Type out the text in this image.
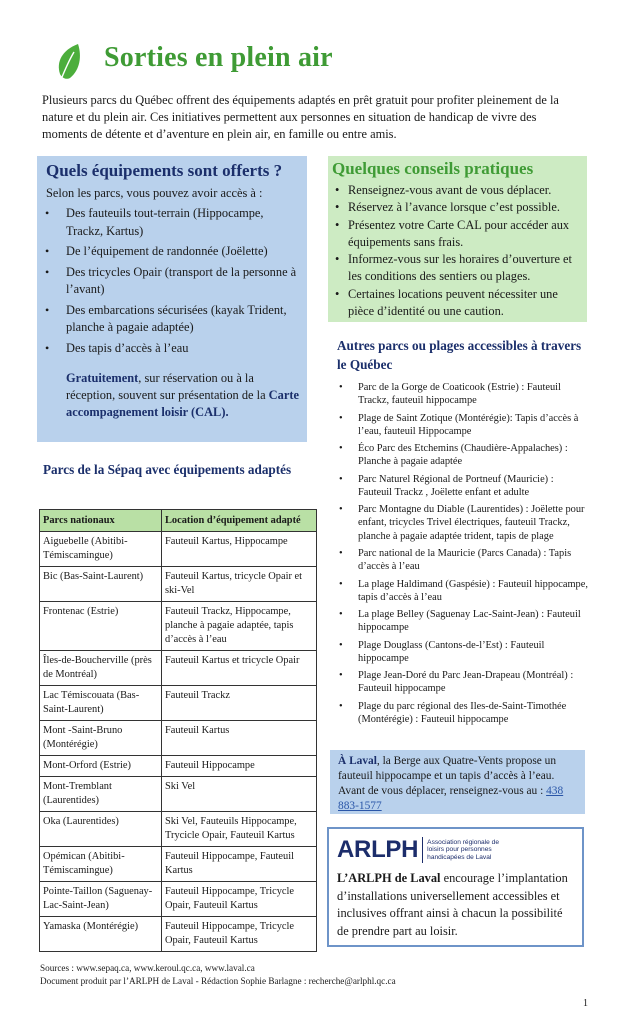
Sorties en plein air

Plusieurs parcs du Québec offrent des équipements adaptés en prêt gratuit pour profiter pleinement de la nature et du plein air. Ces initiatives permettent aux personnes en situation de handicap de vivre des moments de détente et d’aventure en plein air, en famille ou entre amis.

Quels équipements sont offerts ?

Selon les parcs, vous pouvez avoir accès à :

• Des fauteuils tout-terrain (Hippocampe, Trackz, Kartus)
• De l’équipement de randonnée (Joëlette)
• Des tricycles Opair (transport de la personne à l’avant)
• Des embarcations sécurisées (kayak Trident, planche à pagaie adaptée)
• Des tapis d’accès à l’eau

Gratuitement, sur réservation ou à la réception, souvent sur présentation de la Carte accompagnement loisir (CAL).

Quelques conseils pratiques
• Renseignez-vous avant de vous déplacer.
• Réservez à l’avance lorsque c’est possible.
• Présentez votre Carte CAL pour accéder aux équipements sans frais.
• Informez-vous sur les horaires d’ouverture et les conditions des sentiers ou plages.
• Certaines locations peuvent nécessiter une pièce d’identité ou une caution.
Autres parcs ou plages accessibles à travers le Québec
• Parc de la Gorge de Coaticook (Estrie) : Fauteuil Trackz, fauteuil hippocampe
• Plage de Saint Zotique (Montérégie): Tapis d’accès à l’eau, fauteuil Hippocampe
• Éco Parc des Etchemins (Chaudière-Appalaches) : Planche à pagaie adaptée
• Parc Naturel Régional de Portneuf (Mauricie) : Fauteuil Trackz , Joëlette enfant et adulte
• Parc Montagne du Diable (Laurentides) : Joëlette pour enfant, tricycles Trivel électriques, fauteuil Trackz, planche à pagaie adaptée trident, tapis de plage
• Parc national de la Mauricie (Parcs Canada) : Tapis d’accès à l’eau
• La plage Haldimand (Gaspésie) : Fauteuil hippocampe, tapis d’accès à l’eau
• La plage Belley (Saguenay Lac-Saint-Jean) : Fauteuil hippocampe
• Plage Douglass (Cantons-de-l’Est) : Fauteuil hippocampe
• Plage Jean-Doré du Parc Jean-Drapeau (Montréal) : Fauteuil hippocampe
• Plage du parc régional des Iles-de-Saint-Timothée (Montérégie) : Fauteuil hippocampe
Parcs de la Sépaq avec équipements adaptés
Parcs nationaux	Location d’équipement adapté
Aiguebelle (Abitibi-Témiscamingue)	Fauteuil Kartus, Hippocampe
Bic (Bas-Saint-Laurent)	Fauteuil Kartus, tricycle Opair et ski-Vel
Frontenac (Estrie)	Fauteuil Trackz, Hippocampe, planche à pagaie adaptée, tapis d’accès à l’eau
Îles-de-Boucherville (près de Montréal)	Fauteuil Kartus et tricycle Opair
Lac Témiscouata (Bas-Saint-Laurent)	Fauteuil Trackz
Mont -Saint-Bruno (Montérégie)	Fauteuil Kartus
Mont-Orford (Estrie)	Fauteuil Hippocampe
Mont-Tremblant (Laurentides)	Ski Vel
Oka (Laurentides)	Ski Vel, Fauteuils Hippocampe, Trycicle Opair, Fauteuil Kartus
Opémican (Abitibi-Témiscamingue)	Fauteuil Hippocampe, Fauteuil Kartus
Pointe-Taillon (Saguenay-Lac-Saint-Jean)	Fauteuil Hippocampe, Tricycle Opair, Fauteuil Kartus
Yamaska (Montérégie)	Fauteuil Hippocampe, Tricycle Opair, Fauteuil Kartus
À Laval, la Berge aux Quatre-Vents propose un fauteuil hippocampe et un tapis d’accès à l’eau. Avant de vous déplacer, renseignez-vous au : 438 883-1577
ARLPH Association régionale de
loisirs pour personnes
handicapées de Laval

L’ARLPH de Laval encourage l’implantation d’installations universellement accessibles et inclusives offrant ainsi à chacun la possibilité de prendre part au loisir.

Sources : www.sepaq.ca, www.keroul.qc.ca, www.laval.ca
Document produit par l’ARLPH de Laval - Rédaction Sophie Barlagne : recherche@arlphl.qc.ca
1
